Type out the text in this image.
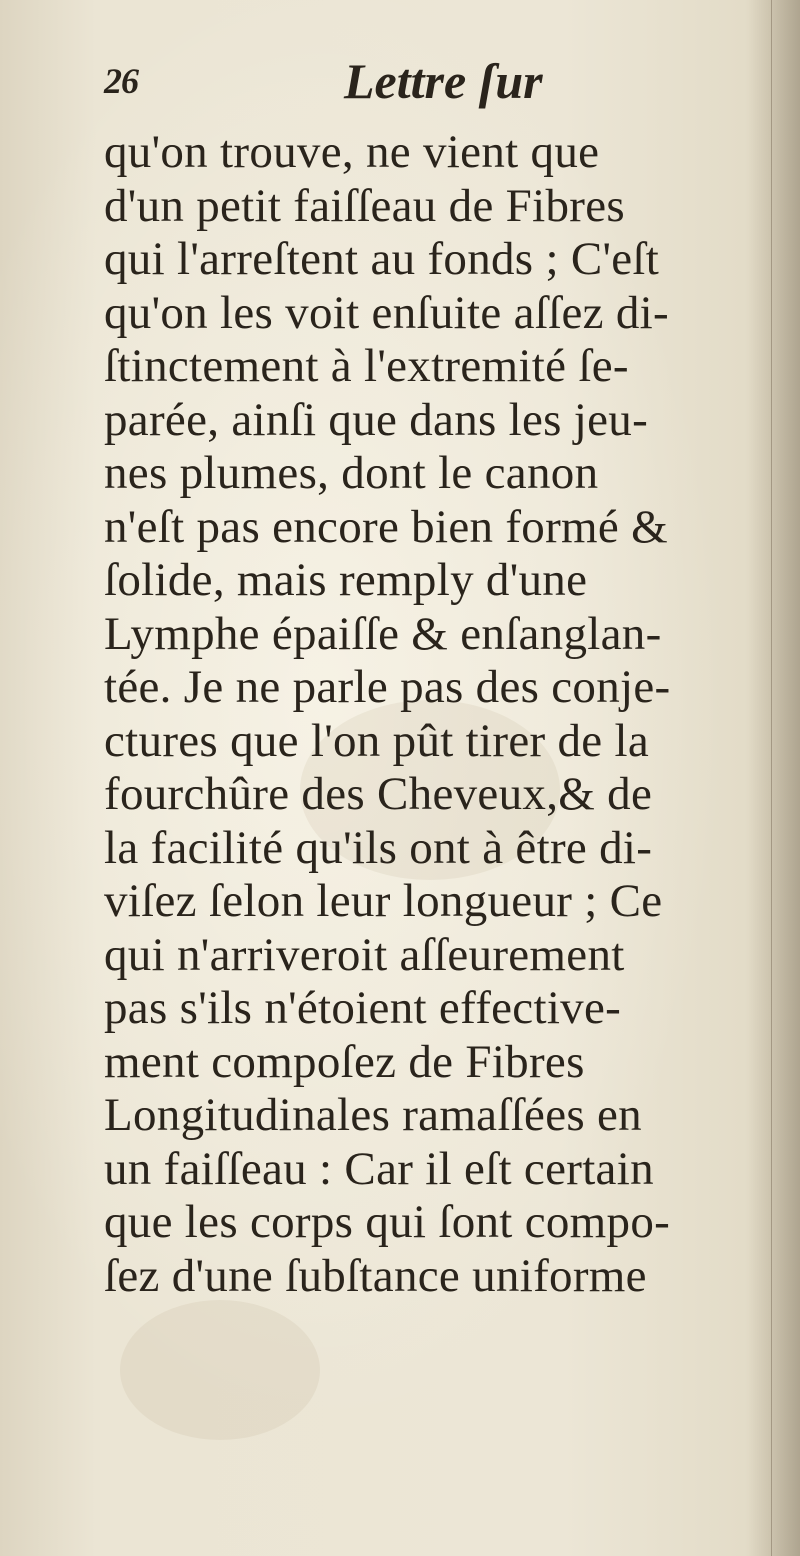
26	Lettre ſur
qu'on trouve, ne vient que
d'un petit faiſſeau de Fibres
qui l'arreſtent au fonds ; C'eſt
qu'on les voit enſuite aſſez di-
ſtinctement à l'extremité ſe-
parée, ainſi que dans les jeu-
nes plumes, dont le canon
n'eſt pas encore bien formé &
ſolide, mais remply d'une
Lymphe épaiſſe & enſanglan-
tée. Je ne parle pas des conje-
ctures que l'on pût tirer de la
fourchûre des Cheveux,& de
la facilité qu'ils ont à être di-
viſez ſelon leur longueur ; Ce
qui n'arriveroit aſſeurement
pas s'ils n'étoient effective-
ment compoſez de Fibres
Longitudinales ramaſſées en
un faiſſeau : Car il eſt certain
que les corps qui ſont compo-
ſez d'une ſubſtance uniforme
